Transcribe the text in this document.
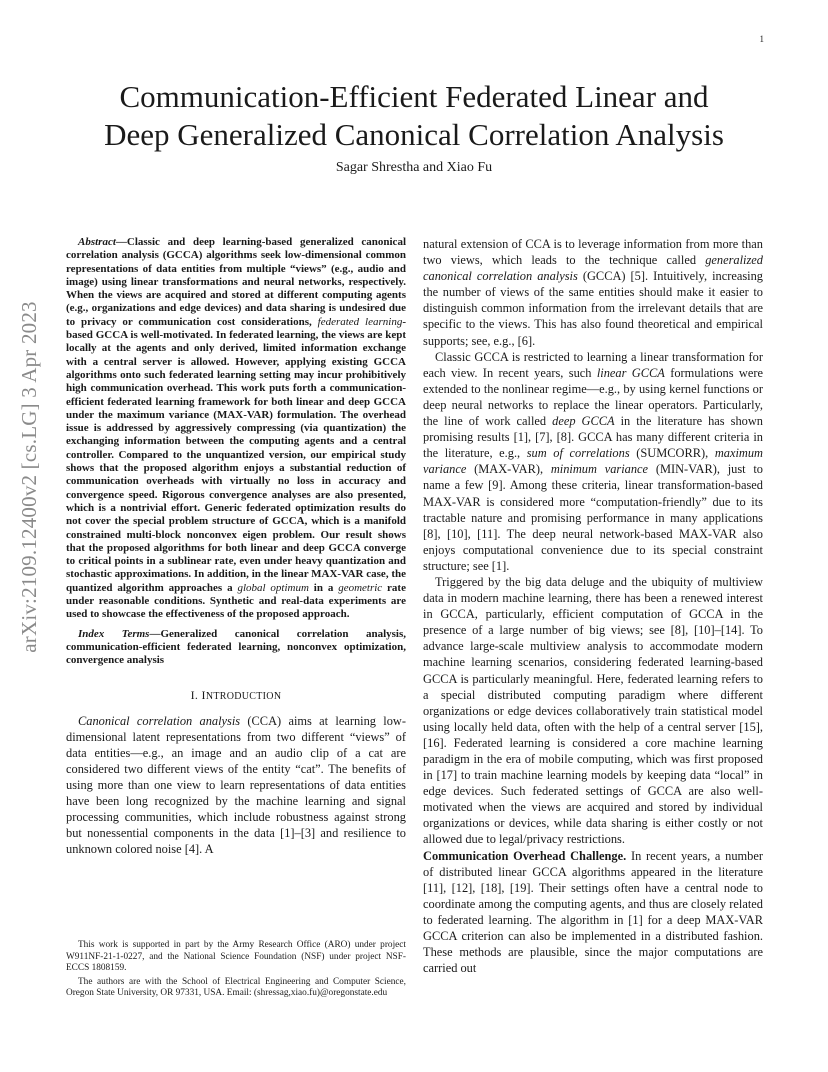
1
arXiv:2109.12400v2 [cs.LG] 3 Apr 2023
Communication-Efficient Federated Linear and
Deep Generalized Canonical Correlation Analysis
Sagar Shrestha and Xiao Fu

Abstract—Classic and deep learning-based generalized canonical correlation analysis (GCCA) algorithms seek low-dimensional common representations of data entities from multiple “views” (e.g., audio and image) using linear transformations and neural networks, respectively. When the views are acquired and stored at different computing agents (e.g., organizations and edge devices) and data sharing is undesired due to privacy or communication cost considerations, federated learning-based GCCA is well-motivated. In federated learning, the views are kept locally at the agents and only derived, limited information exchange with a central server is allowed. However, applying existing GCCA algorithms onto such federated learning setting may incur prohibitively high communication overhead. This work puts forth a communication-efficient federated learning framework for both linear and deep GCCA under the maximum variance (MAX-VAR) formulation. The overhead issue is addressed by aggressively compressing (via quantization) the exchanging information between the computing agents and a central controller. Compared to the unquantized version, our empirical study shows that the proposed algorithm enjoys a substantial reduction of communication overheads with virtually no loss in accuracy and convergence speed. Rigorous convergence analyses are also presented, which is a nontrivial effort. Generic federated optimization results do not cover the special problem structure of GCCA, which is a manifold constrained multi-block nonconvex eigen problem. Our result shows that the proposed algorithms for both linear and deep GCCA converge to critical points in a sublinear rate, even under heavy quantization and stochastic approximations. In addition, in the linear MAX-VAR case, the quantized algorithm approaches a global optimum in a geometric rate under reasonable conditions. Synthetic and real-data experiments are used to showcase the effectiveness of the proposed approach.

Index Terms—Generalized canonical correlation analysis, communication-efficient federated learning, nonconvex optimization, convergence analysis

I. INTRODUCTION

Canonical correlation analysis (CCA) aims at learning low-dimensional latent representations from two different “views” of data entities—e.g., an image and an audio clip of a cat are considered two different views of the entity “cat”. The benefits of using more than one view to learn representations of data entities have been long recognized by the machine learning and signal processing communities, which include robustness against strong but nonessential components in the data [1]–[3] and resilience to unknown colored noise [4]. A

This work is supported in part by the Army Research Office (ARO) under project W911NF-21-1-0227, and the National Science Foundation (NSF) under project NSF-ECCS 1808159.

The authors are with the School of Electrical Engineering and Computer Science, Oregon State University, OR 97331, USA. Email: (shressag,xiao.fu)@oregonstate.edu

natural extension of CCA is to leverage information from more than two views, which leads to the technique called generalized canonical correlation analysis (GCCA) [5]. Intuitively, increasing the number of views of the same entities should make it easier to distinguish common information from the irrelevant details that are specific to the views. This has also found theoretical and empirical supports; see, e.g., [6].

Classic GCCA is restricted to learning a linear transformation for each view. In recent years, such linear GCCA formulations were extended to the nonlinear regime—e.g., by using kernel functions or deep neural networks to replace the linear operators. Particularly, the line of work called deep GCCA in the literature has shown promising results [1], [7], [8]. GCCA has many different criteria in the literature, e.g., sum of correlations (SUMCORR), maximum variance (MAX-VAR), minimum variance (MIN-VAR), just to name a few [9]. Among these criteria, linear transformation-based MAX-VAR is considered more “computation-friendly” due to its tractable nature and promising performance in many applications [8], [10], [11]. The deep neural network-based MAX-VAR also enjoys computational convenience due to its special constraint structure; see [1].

Triggered by the big data deluge and the ubiquity of multiview data in modern machine learning, there has been a renewed interest in GCCA, particularly, efficient computation of GCCA in the presence of a large number of big views; see [8], [10]–[14]. To advance large-scale multiview analysis to accommodate modern machine learning scenarios, considering federated learning-based GCCA is particularly meaningful. Here, federated learning refers to a special distributed computing paradigm where different organizations or edge devices collaboratively train statistical model using locally held data, often with the help of a central server [15], [16]. Federated learning is considered a core machine learning paradigm in the era of mobile computing, which was first proposed in [17] to train machine learning models by keeping data “local” in edge devices. Such federated settings of GCCA are also well-motivated when the views are acquired and stored by individual organizations or devices, while data sharing is either costly or not allowed due to legal/privacy restrictions.

Communication Overhead Challenge. In recent years, a number of distributed linear GCCA algorithms appeared in the literature [11], [12], [18], [19]. Their settings often have a central node to coordinate among the computing agents, and thus are closely related to federated learning. The algorithm in [1] for a deep MAX-VAR GCCA criterion can also be implemented in a distributed fashion. These methods are plausible, since the major computations are carried out
